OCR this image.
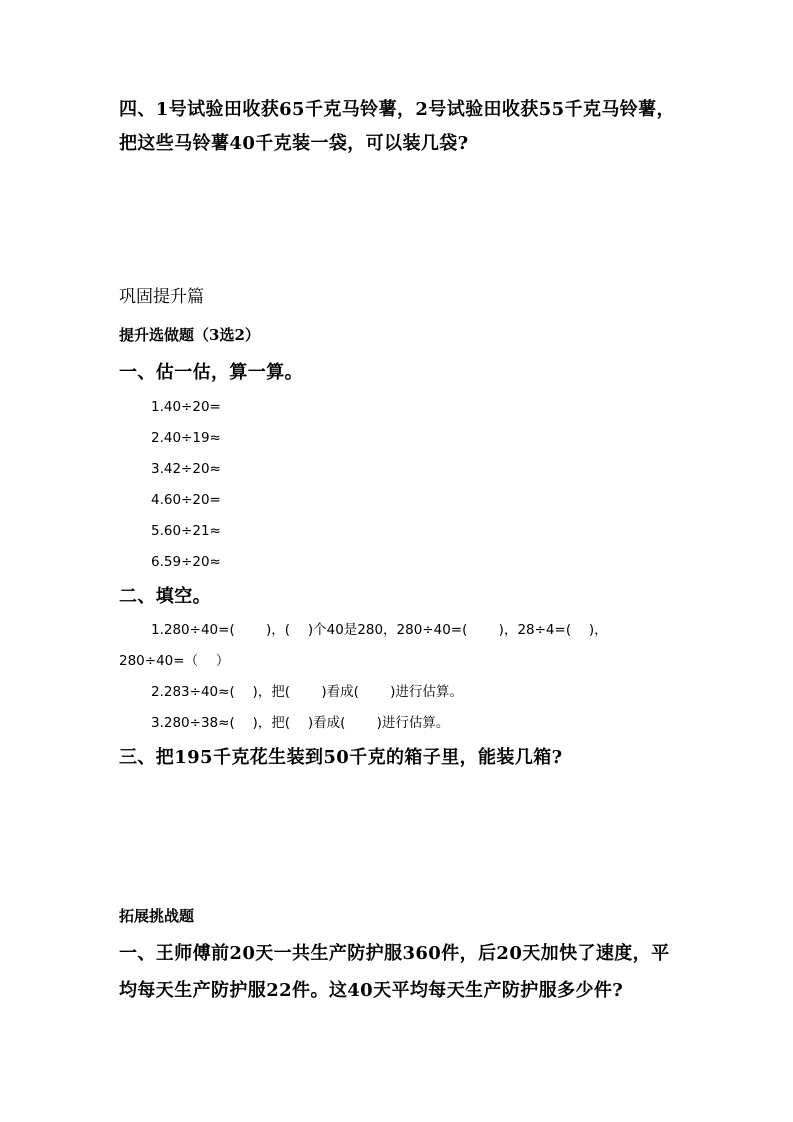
四、1号试验田收获65千克马铃薯，2号试验田收获55千克马铃薯，
把这些马铃薯40千克装一袋，可以装几袋?
巩固提升篇
提升选做题（3选2）
一、估一估，算一算。
1.40÷20=
2.40÷19≈
3.42÷20≈
4.60÷20=
5.60÷21≈
6.59÷20≈
二、填空。
1.280÷40=(　　 )，(　 )个40是280，280÷40=(　　 )，28÷4=(　 )，
280÷40=（　 ）
2.283÷40≈(　 )，把(　　 )看成(　　 )进行估算。
3.280÷38≈(　 )，把(　 )看成(　　 )进行估算。
三、把195千克花生装到50千克的箱子里，能装几箱?
拓展挑战题
一、王师傅前20天一共生产防护服360件，后20天加快了速度，平
均每天生产防护服22件。这40天平均每天生产防护服多少件?
